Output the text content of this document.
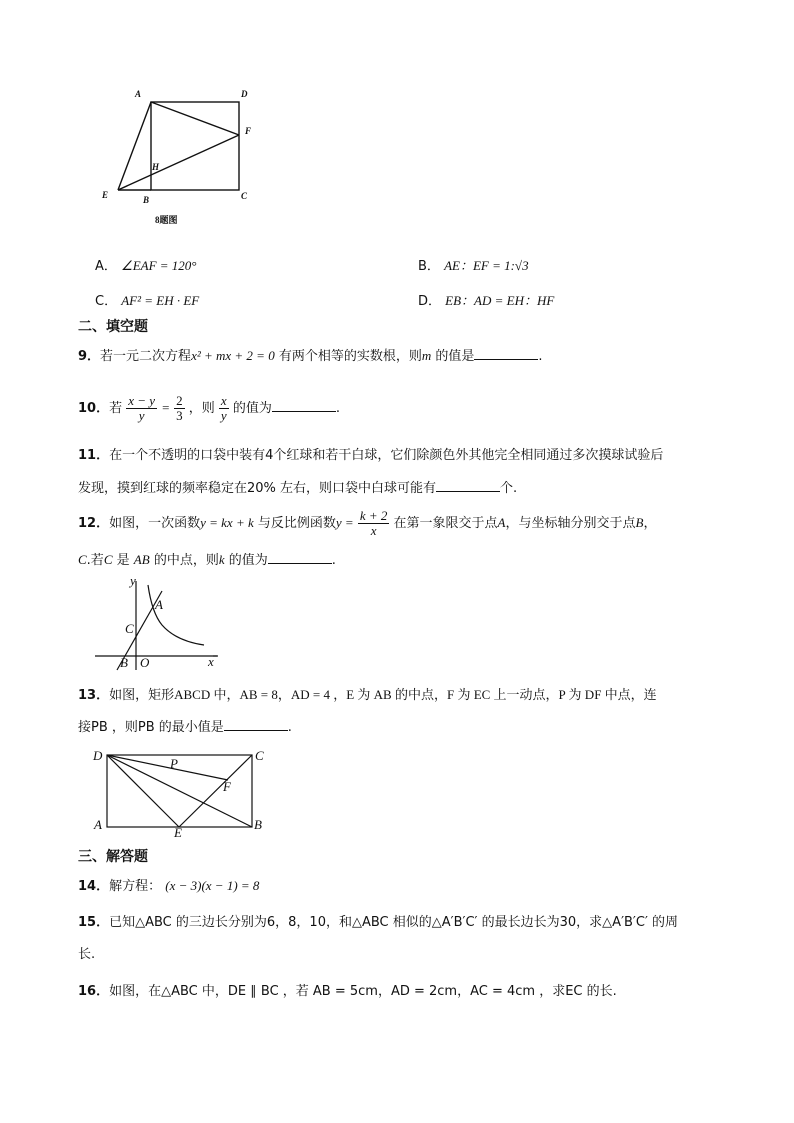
A	D
F
H
E	B	C
8题图
A． ∠EAF = 120°	B． AE：EF = 1:√3
C． AF² = EH · EF	D． EB：AD = EH：HF
二、填空题
9．若一元二次方程x² + mx + 2 = 0 有两个相等的实数根，则m 的值是	.
10．若 $\frac{x - y}{y} = \frac{2}{3}$ ，则 $\frac{x}{y}$ 的值为	.
11．在一个不透明的口袋中装有4个红球和若干白球，它们除颜色外其他完全相同通过多次摸球试验后
发现，摸到红球的频率稳定在20% 左右，则口袋中白球可能有	个.
12．如图，一次函数y = kx + k 与反比例函数$y = \frac{k + 2}{x}$ 在第一象限交于点A，与坐标轴分别交于点B，
C.若C 是 AB 的中点，则k 的值为	.
y
x
A
C
B O
13．如图，矩形ABCD 中，AB = 8，AD = 4 ，E 为 AB 的中点，F 为 EC 上一动点，P 为 DF 中点，连
接PB ，则PB 的最小值是	.
D	C
P
F
A
E
B
三、解答题
14．解方程： (x − 3)(x − 1) = 8
15．已知△ABC 的三边长分别为6，8，10，和△ABC 相似的△A′B′C′ 的最长边长为30，求△A′B′C′ 的周
长.
16．如图，在△ABC 中，DE ∥ BC ，若 AB = 5cm，AD = 2cm，AC = 4cm ，求EC 的长.
